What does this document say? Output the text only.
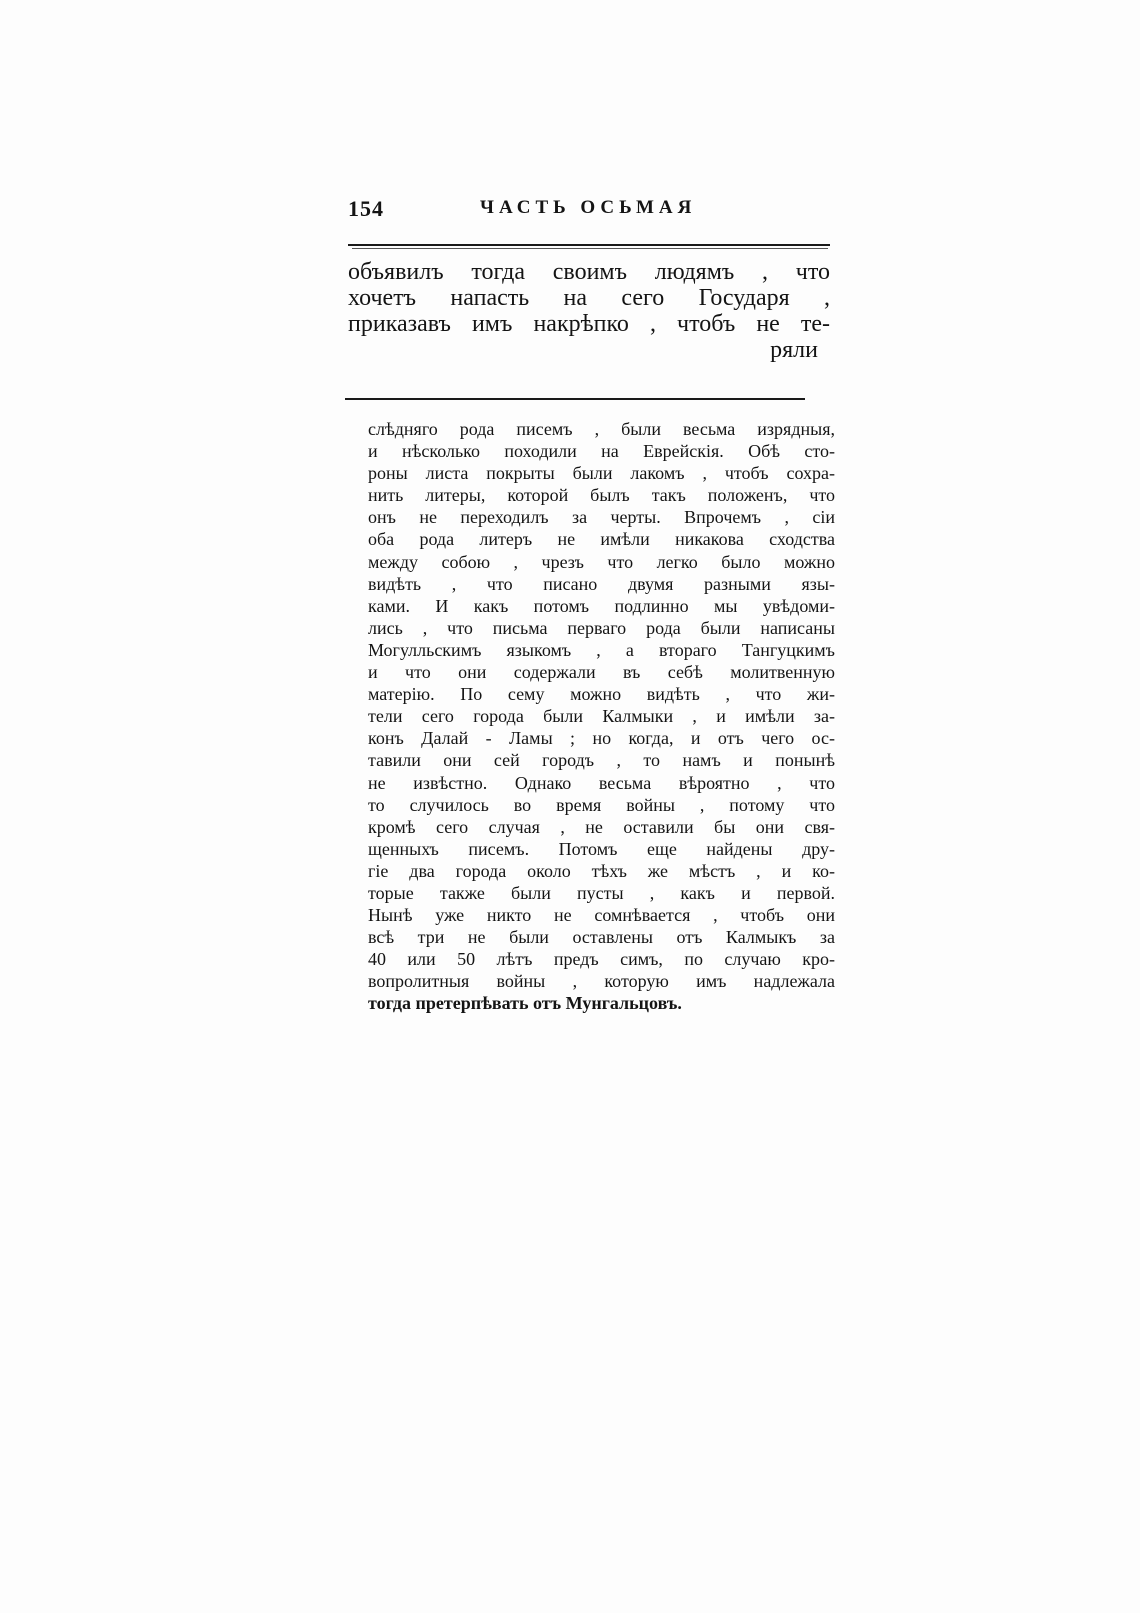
154	ЧАСТЬ ОСЬМАЯ
объявилъ тогда своимъ людямъ , что
хочетъ напасть на сего Государя ,
приказавъ имъ накрѣпко , чтобъ не те-
ряли
слѣдняго рода писемъ , были весьма изрядныя,
и нѣсколько походили на Еврейскія. Обѣ сто-
роны листа покрыты были лакомъ , чтобъ сохра-
нить литеры, которой былъ такъ положенъ, что
онъ не переходилъ за черты. Впрочемъ , сіи
оба рода литеръ не имѣли никакова сходства
между собою , чрезъ что легко было можно
видѣть , что писано двумя разными язы-
ками. И какъ потомъ подлинно мы увѣдоми-
лись , что письма перваго рода были написаны
Могулльскимъ языкомъ , а втораго Тангуцкимъ
и что они содержали въ себѣ молитвенную
матерію. По сему можно видѣть , что жи-
тели сего города были Калмыки , и имѣли за-
конъ Далай - Ламы ; но когда, и отъ чего ос-
тавили они сей городъ , то намъ и понынѣ
не извѣстно. Однако весьма вѣроятно , что
то случилось во время войны , потому что
кромѣ сего случая , не оставили бы они свя-
щенныхъ писемъ. Потомъ еще найдены дру-
гіе два города около тѣхъ же мѣстъ , и ко-
торые также были пусты , какъ и первой.
Нынѣ уже никто не сомнѣвается , чтобъ они
всѣ три не были оставлены отъ Калмыкъ за
40 или 50 лѣтъ предъ симъ, по случаю кро-
вопролитныя войны , которую имъ надлежала
тогда претерпѣвать отъ Мунгальцовъ.
